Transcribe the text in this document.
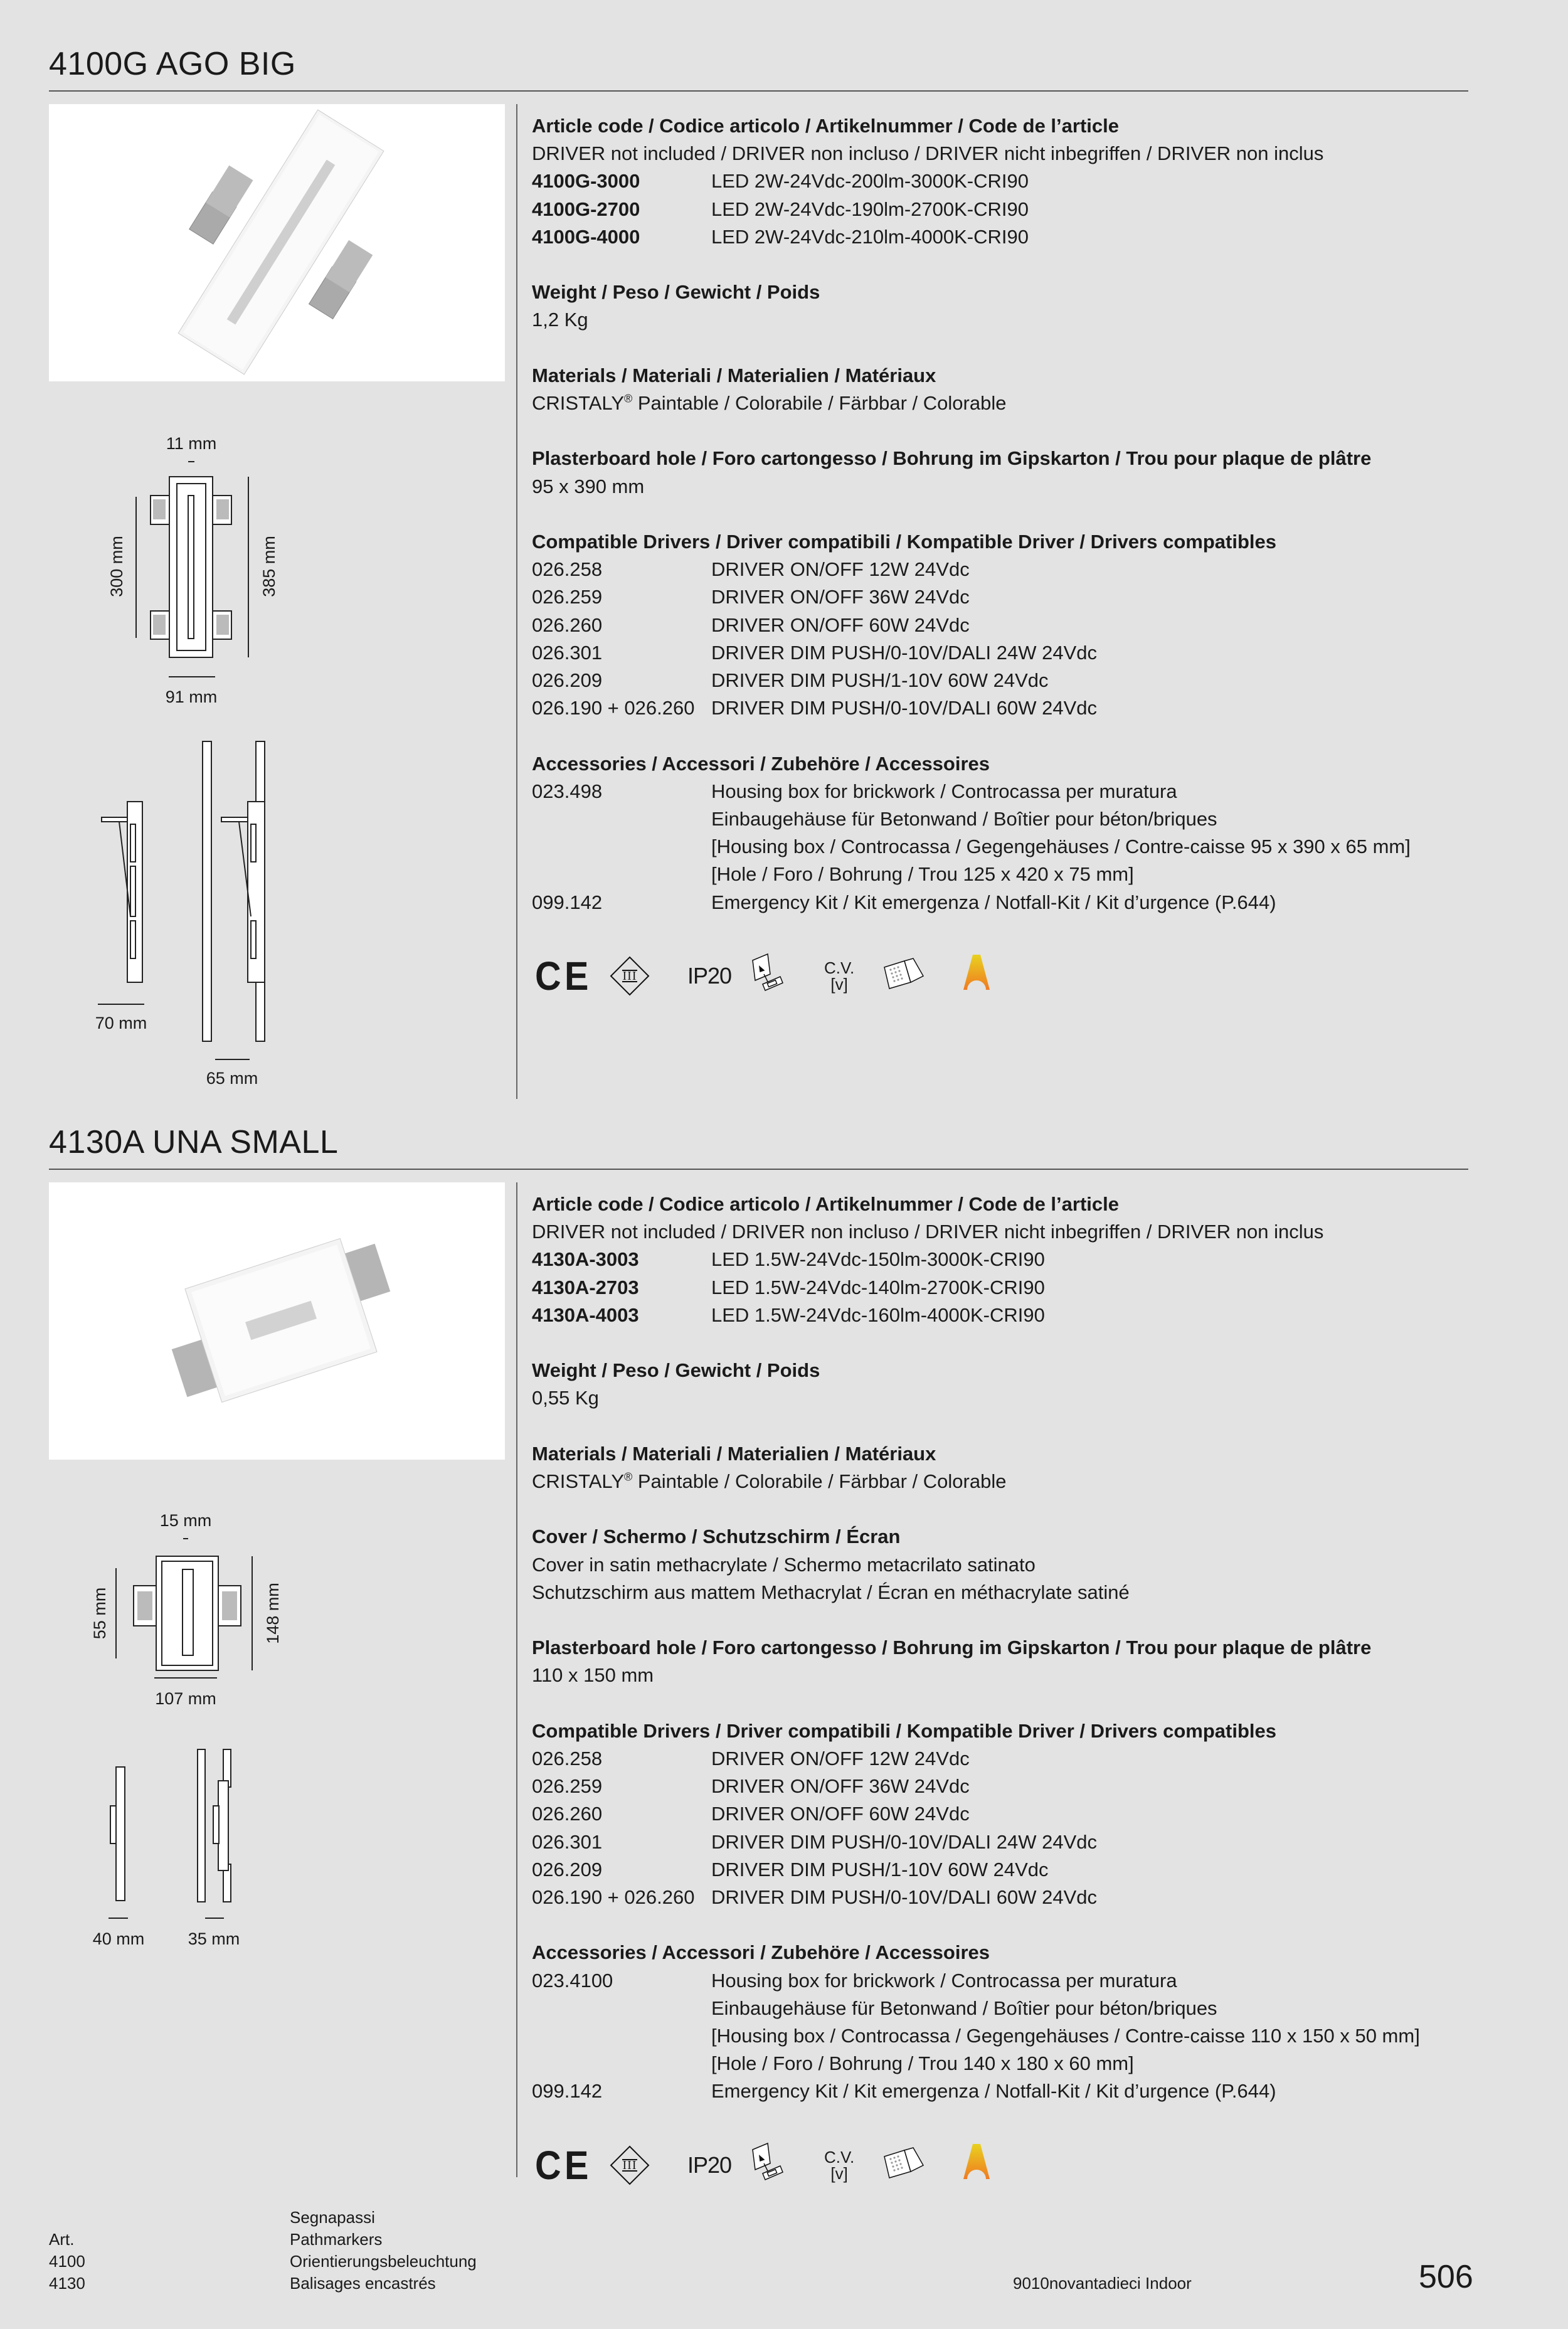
4100G AGO BIG
11 mm
300 mm	385 mm
91 mm
70 mm
65 mm
Article code / Codice articolo / Artikelnummer / Code de l’article
DRIVER not included / DRIVER non incluso / DRIVER nicht inbegriffen / DRIVER non inclus
4100G-3000	LED 2W-24Vdc-200lm-3000K-CRI90
4100G-2700	LED 2W-24Vdc-190lm-2700K-CRI90
4100G-4000	LED 2W-24Vdc-210lm-4000K-CRI90
Weight / Peso / Gewicht / Poids
1,2 Kg
Materials / Materiali / Materialien / Matériaux
CRISTALY® Paintable / Colorabile / Färbbar / Colorable
Plasterboard hole / Foro cartongesso / Bohrung im Gipskarton / Trou pour plaque de plâtre
95 x 390 mm
Compatible Drivers / Driver compatibili / Kompatible Driver / Drivers compatibles
026.258	DRIVER ON/OFF 12W 24Vdc
026.259	DRIVER ON/OFF 36W 24Vdc
026.260	DRIVER ON/OFF 60W 24Vdc
026.301	DRIVER DIM PUSH/0-10V/DALI 24W 24Vdc
026.209	DRIVER DIM PUSH/1-10V 60W 24Vdc
026.190 + 026.260 DRIVER DIM PUSH/0-10V/DALI 60W 24Vdc
Accessories / Accessori / Zubehöre / Accessoires
023.498	Housing box for brickwork / Controcassa per muratura
Einbaugehäuse für Betonwand / Boîtier pour béton/briques
[Housing box / Controcassa / Gegengehäuses / Contre-caisse 95 x 390 x 65 mm]
[Hole / Foro / Bohrung / Trou 125 x 420 x 75 mm]
099.142	Emergency Kit / Kit emergenza / Notfall-Kit / Kit d’urgence (P.644)
CE III IP20	C.V.
[v]
4130A UNA SMALL
15 mm
55 mm	148 mm
107 mm
40 mm	35 mm
Article code / Codice articolo / Artikelnummer / Code de l’article
DRIVER not included / DRIVER non incluso / DRIVER nicht inbegriffen / DRIVER non inclus
4130A-3003	LED 1.5W-24Vdc-150lm-3000K-CRI90
4130A-2703	LED 1.5W-24Vdc-140lm-2700K-CRI90
4130A-4003	LED 1.5W-24Vdc-160lm-4000K-CRI90
Weight / Peso / Gewicht / Poids
0,55 Kg
Materials / Materiali / Materialien / Matériaux
CRISTALY® Paintable / Colorabile / Färbbar / Colorable
Cover / Schermo / Schutzschirm / Écran
Cover in satin methacrylate / Schermo metacrilato satinato
Schutzschirm aus mattem Methacrylat / Écran en méthacrylate satiné
Plasterboard hole / Foro cartongesso / Bohrung im Gipskarton / Trou pour plaque de plâtre
110 x 150 mm
Compatible Drivers / Driver compatibili / Kompatible Driver / Drivers compatibles
026.258	DRIVER ON/OFF 12W 24Vdc
026.259	DRIVER ON/OFF 36W 24Vdc
026.260	DRIVER ON/OFF 60W 24Vdc
026.301	DRIVER DIM PUSH/0-10V/DALI 24W 24Vdc
026.209	DRIVER DIM PUSH/1-10V 60W 24Vdc
026.190 + 026.260 DRIVER DIM PUSH/0-10V/DALI 60W 24Vdc
Accessories / Accessori / Zubehöre / Accessoires
023.4100	Housing box for brickwork / Controcassa per muratura
Einbaugehäuse für Betonwand / Boîtier pour béton/briques
[Housing box / Controcassa / Gegengehäuses / Contre-caisse 110 x 150 x 50 mm]
[Hole / Foro / Bohrung / Trou 140 x 180 x 60 mm]
099.142	Emergency Kit / Kit emergenza / Notfall-Kit / Kit d’urgence (P.644)
CE III IP20	C.V.
[v]
Art.
4100
4130
Segnapassi
Pathmarkers
Orientierungsbeleuchtung
Balisages encastrés	9010novantadieci Indoor	506
